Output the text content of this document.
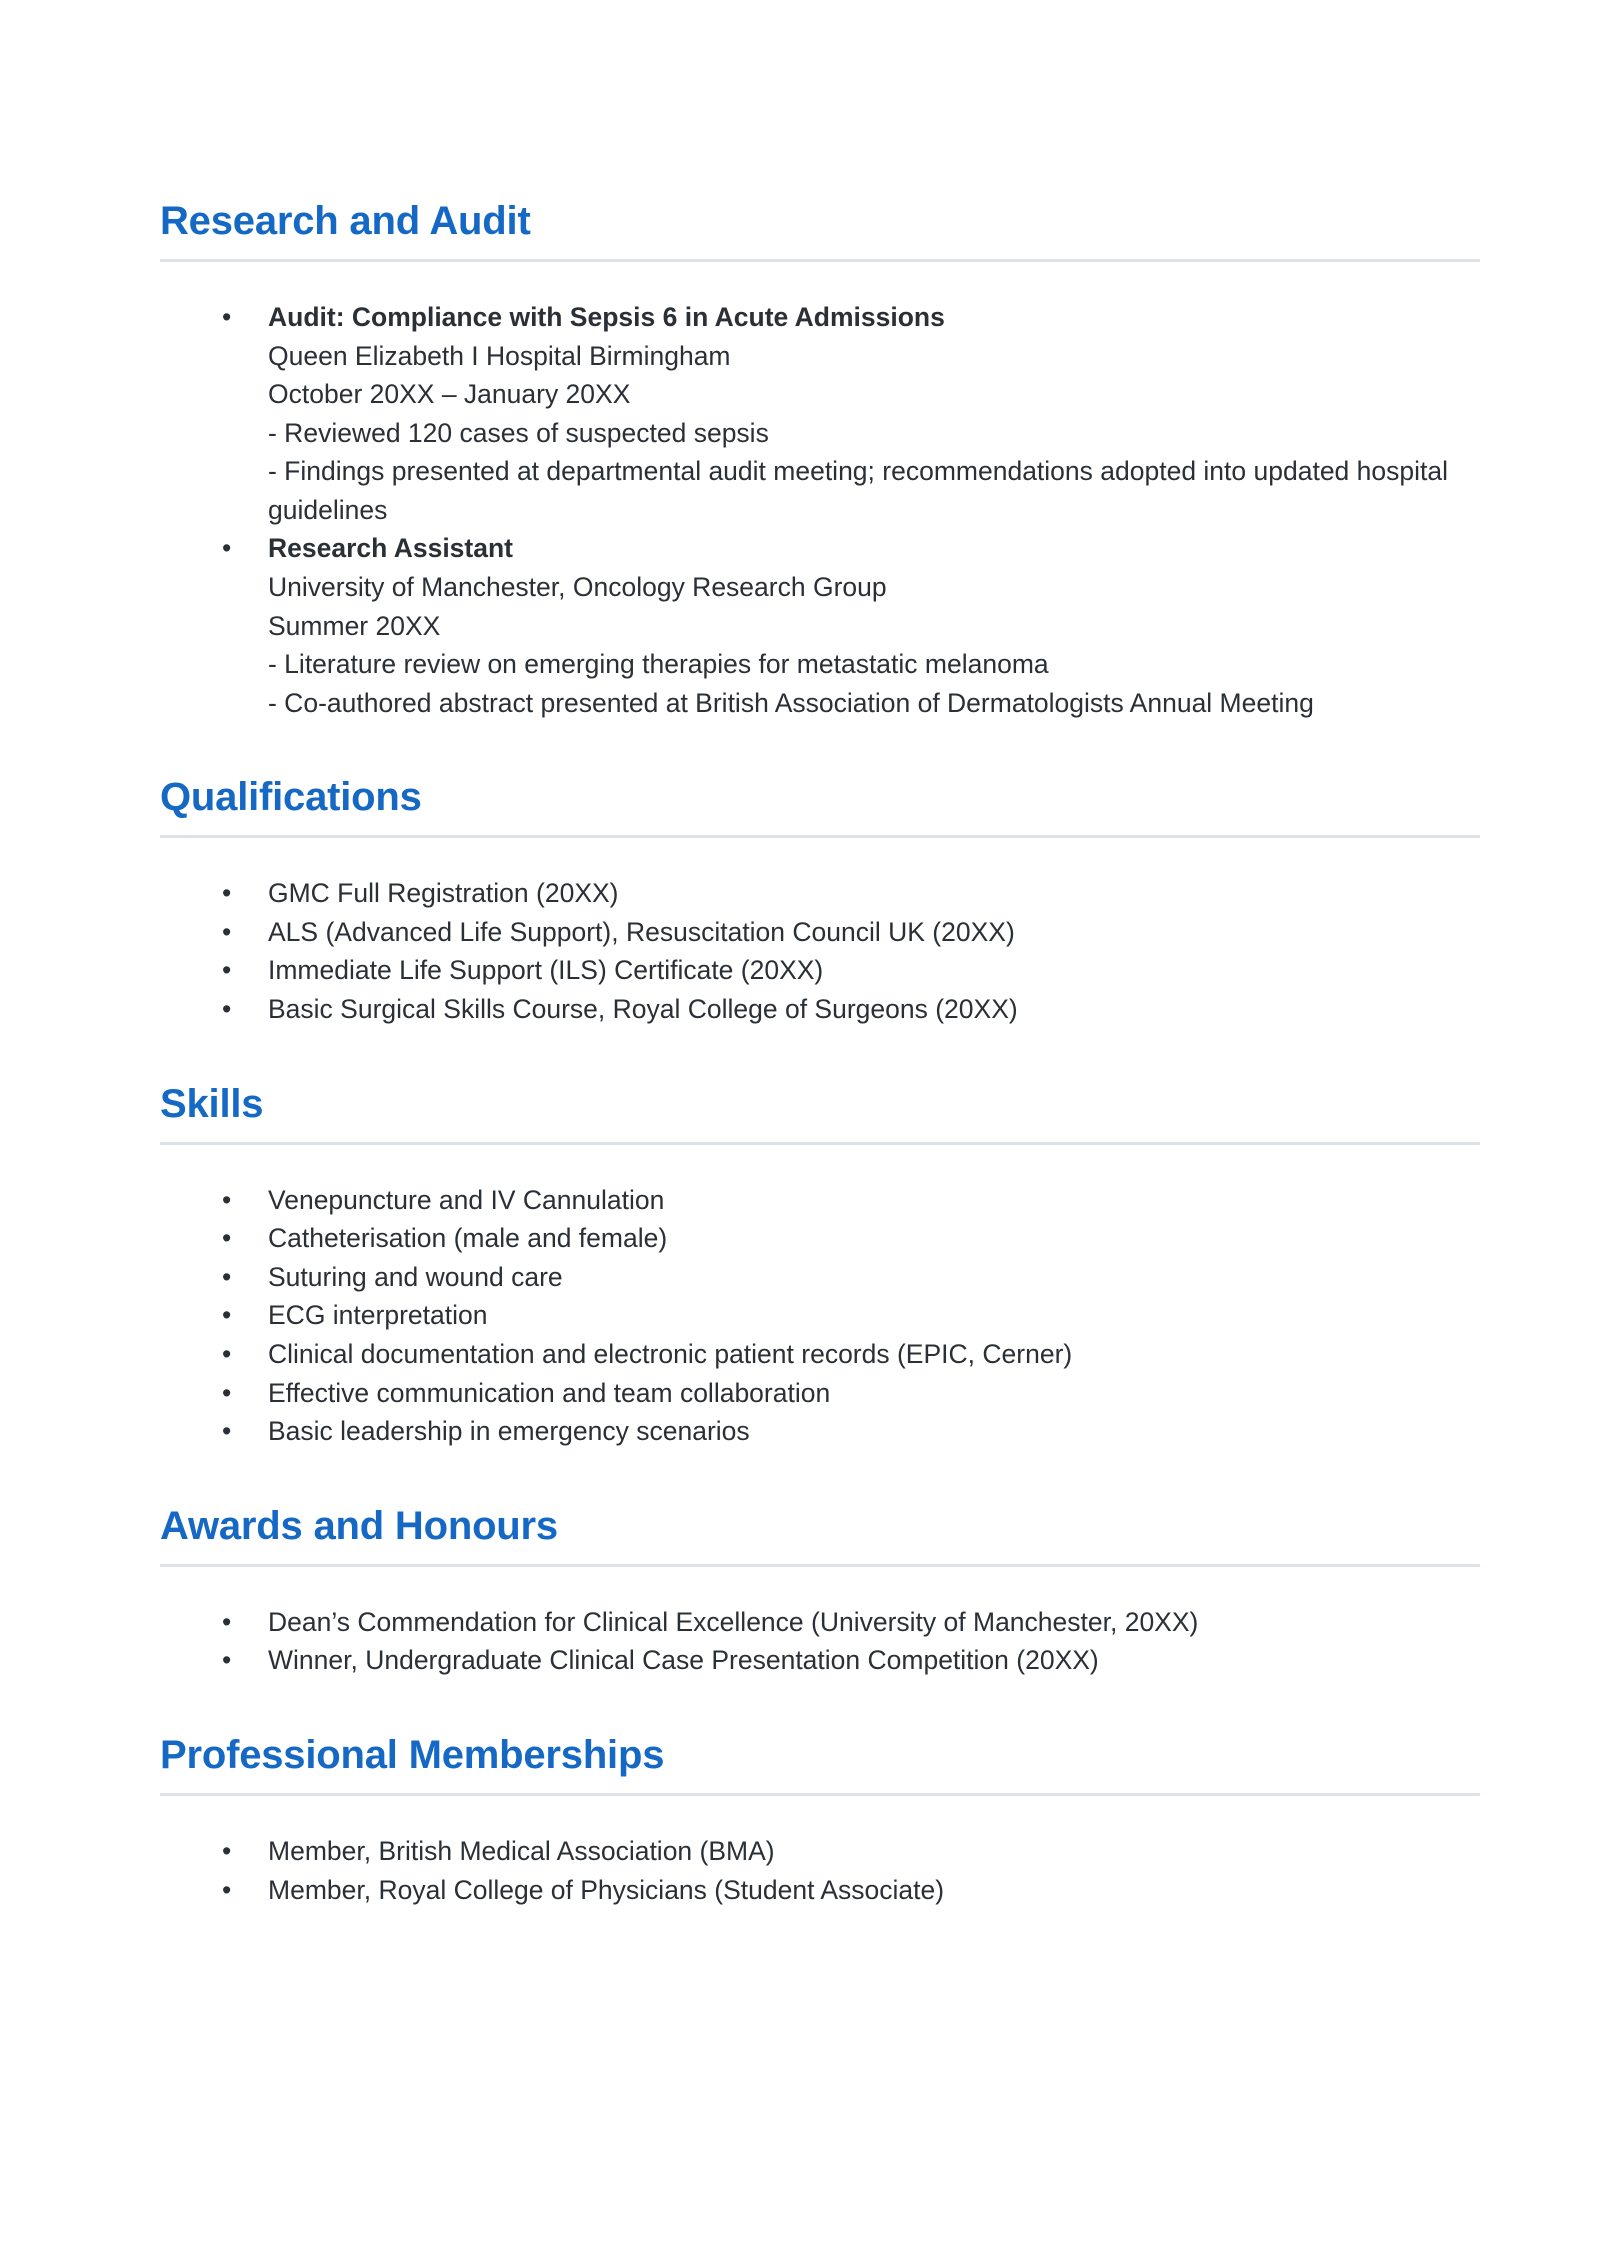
Research and Audit
• Audit: Compliance with Sepsis 6 in Acute Admissions
Queen Elizabeth I Hospital Birmingham
October 20XX – January 20XX
- Reviewed 120 cases of suspected sepsis
- Findings presented at departmental audit meeting; recommendations adopted into updated hospital guidelines
• Research Assistant
University of Manchester, Oncology Research Group
Summer 20XX
- Literature review on emerging therapies for metastatic melanoma
- Co-authored abstract presented at British Association of Dermatologists Annual Meeting
Qualifications
• GMC Full Registration (20XX)
• ALS (Advanced Life Support), Resuscitation Council UK (20XX)
• Immediate Life Support (ILS) Certificate (20XX)
• Basic Surgical Skills Course, Royal College of Surgeons (20XX)
Skills
• Venepuncture and IV Cannulation
• Catheterisation (male and female)
• Suturing and wound care
• ECG interpretation
• Clinical documentation and electronic patient records (EPIC, Cerner)
• Effective communication and team collaboration
• Basic leadership in emergency scenarios
Awards and Honours
• Dean’s Commendation for Clinical Excellence (University of Manchester, 20XX)
• Winner, Undergraduate Clinical Case Presentation Competition (20XX)
Professional Memberships
• Member, British Medical Association (BMA)
• Member, Royal College of Physicians (Student Associate)
